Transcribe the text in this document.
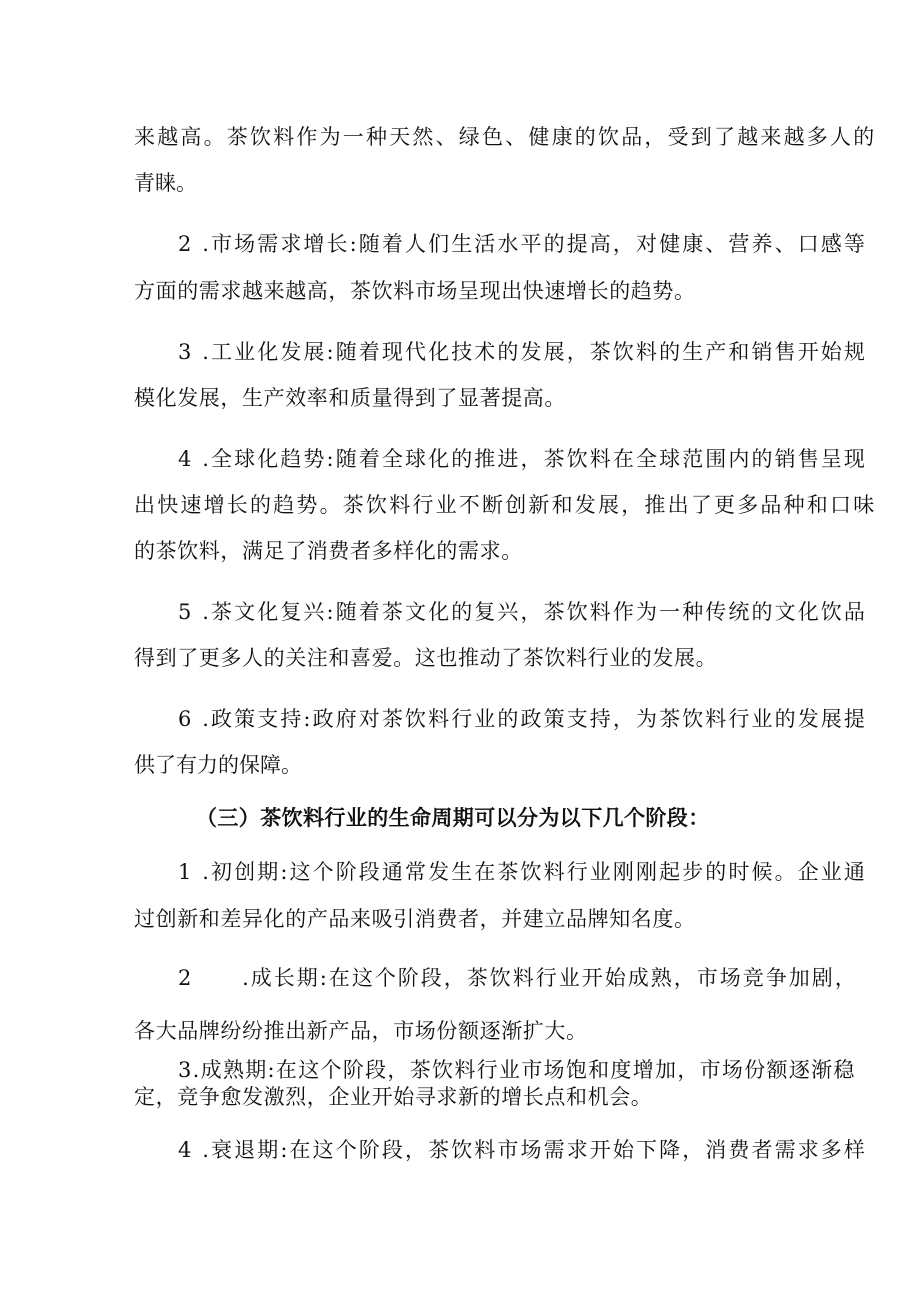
来越高。茶饮料作为一种天然、绿色、健康的饮品，受到了越来越多人的
青睐。
2 .市场需求增长:随着人们生活水平的提高，对健康、营养、口感等
方面的需求越来越高，茶饮料市场呈现出快速增长的趋势。
3 .工业化发展:随着现代化技术的发展，茶饮料的生产和销售开始规
模化发展，生产效率和质量得到了显著提高。
4 .全球化趋势:随着全球化的推进，茶饮料在全球范围内的销售呈现
出快速增长的趋势。茶饮料行业不断创新和发展，推出了更多品种和口味
的茶饮料，满足了消费者多样化的需求。
5 .茶文化复兴:随着茶文化的复兴，茶饮料作为一种传统的文化饮品
得到了更多人的关注和喜爱。这也推动了茶饮料行业的发展。
6 .政策支持:政府对茶饮料行业的政策支持，为茶饮料行业的发展提
供了有力的保障。
（三）茶饮料行业的生命周期可以分为以下几个阶段：
1 .初创期:这个阶段通常发生在茶饮料行业刚刚起步的时候。企业通
过创新和差异化的产品来吸引消费者，并建立品牌知名度。
2 .成长期:在这个阶段，茶饮料行业开始成熟，市场竞争加剧，
各大品牌纷纷推出新产品，市场份额逐渐扩大。
3.成熟期:在这个阶段，茶饮料行业市场饱和度增加，市场份额逐渐稳
定，竞争愈发激烈，企业开始寻求新的增长点和机会。
4 .衰退期:在这个阶段，茶饮料市场需求开始下降，消费者需求多样
